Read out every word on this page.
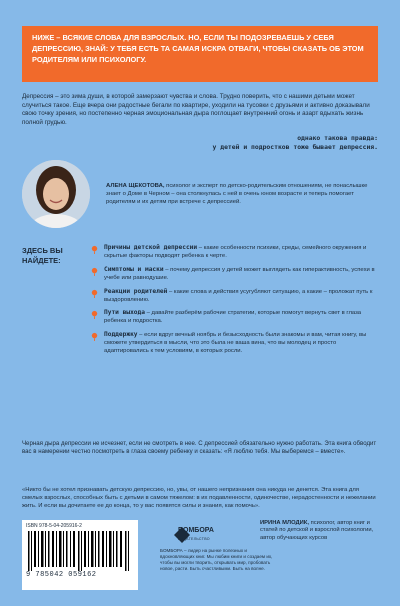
НИЖЕ – ВСЯКИЕ СЛОВА ДЛЯ ВЗРОСЛЫХ. НО, ЕСЛИ ТЫ ПОДОЗРЕВАЕШЬ У СЕБЯ ДЕПРЕССИЮ, ЗНАЙ: У ТЕБЯ ЕСТЬ ТА САМАЯ ИСКРА ОТВАГИ, ЧТОБЫ СКАЗАТЬ ОБ ЭТОМ РОДИТЕЛЯМ ИЛИ ПСИХОЛОГУ.
Депрессия – это зима души, в которой замерзают чувства и слова. Трудно поверить, что с нашими детьми может случиться такое. Еще вчера они радостные бегали по квартире, уходили на тусовки с друзьями и активно доказывали свою точку зрения, но постепенно черная эмоциональная дыра поглощает внутренний огонь и азарт вдыхать жизнь полной грудью.
однако такова правда:
у детей и подростков тоже бывает депрессия.
АЛЕНА ЩЕКОТОВА, психолог и эксперт по детско-родительским отношениям, не понаслышке знает о Доме в Черном – она столкнулась с ней в очень юном возрасте и теперь помогает родителям и их детям при встрече с депрессией.
ЗДЕСЬ ВЫ НАЙДЕТЕ:
Причины детской депрессии – какие особенности психики, среды, семейного окружения и скрытые факторы подводят ребенка к черте.
Симптомы и маски – почему депрессия у детей может выглядеть как гиперактивность, успехи в учебе или равнодушие.
Реакции родителей – какие слова и действия усугубляют ситуацию, а какие – проложат путь к выздоровлению.
Пути выхода – давайте разберём рабочие стратегии, которые помогут вернуть свет в глаза ребенка и подростка.
Поддержку – если вдруг вечный ноябрь и безысходность были знакомы и вам, читая книгу, вы сможете утвердиться в мысли, что это была не ваша вина, что вы молодец и просто адаптировались к тем условиям, в которых росли.
Черная дыра депрессии не исчезнет, если не смотреть в нее. С депрессией обязательно нужно работать. Эта книга обводит вас в намерении честно посмотреть в глаза своему ребенку и сказать: «Я люблю тебя. Мы выберемся – вместе».
«Никто бы не хотел признавать детскую депрессию, но, увы, от нашего непризнания она никуда не денется. Эта книга для смелых взрослых, способных быть с детьми в самом тяжелом: в их подавленности, одиночестве, нерадостенности и нежелании жить. И если вы дочитаете ее до конца, то у вас появятся силы и знания, как помочь».
ISBN 978-5-04-205916-2
9 785042 059162
БОМБОРА
ИЗДАТЕЛЬСТВО
БОМБОРА – лидер на рынке полезных и вдохновляющих книг. Мы любим книги и создаем их, чтобы вы могли творить, открывать мир, пробовать новое, расти. Быть счастливыми. Быть на волне.
ИРИНА МЛОДИК, психолог, автор книг и статей по детской и взрослой психологии, автор обучающих курсов
